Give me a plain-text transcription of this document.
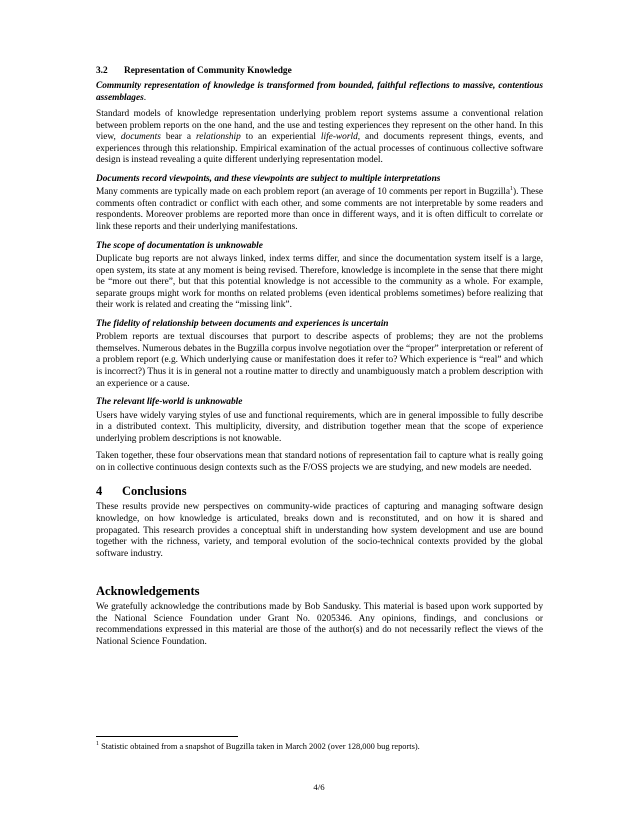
3.2	Representation of Community Knowledge

Community representation of knowledge is transformed from bounded, faithful reflections to massive, contentious assemblages.

Standard models of knowledge representation underlying problem report systems assume a conventional relation between problem reports on the one hand, and the use and testing experiences they represent on the other hand. In this view, documents bear a relationship to an experiential life-world, and documents represent things, events, and experiences through this relationship. Empirical examination of the actual processes of continuous collective software design is instead revealing a quite different underlying representation model.

Documents record viewpoints, and these viewpoints are subject to multiple interpretations

Many comments are typically made on each problem report (an average of 10 comments per report in Bugzilla$^1$). These comments often contradict or conflict with each other, and some comments are not interpretable by some readers and respondents. Moreover problems are reported more than once in different ways, and it is often difficult to correlate or link these reports and their underlying manifestations.

The scope of documentation is unknowable

Duplicate bug reports are not always linked, index terms differ, and since the documentation system itself is a large, open system, its state at any moment is being revised. Therefore, knowledge is incomplete in the sense that there might be “more out there”, but that this potential knowledge is not accessible to the community as a whole. For example, separate groups might work for months on related problems (even identical problems sometimes) before realizing that their work is related and creating the “missing link”.

The fidelity of relationship between documents and experiences is uncertain

Problem reports are textual discourses that purport to describe aspects of problems; they are not the problems themselves. Numerous debates in the Bugzilla corpus involve negotiation over the “proper” interpretation or referent of a problem report (e.g. Which underlying cause or manifestation does it refer to? Which experience is “real” and which is incorrect?) Thus it is in general not a routine matter to directly and unambiguously match a problem description with an experience or a cause.

The relevant life-world is unknowable

Users have widely varying styles of use and functional requirements, which are in general impossible to fully describe in a distributed context. This multiplicity, diversity, and distribution together mean that the scope of experience underlying problem descriptions is not knowable.

Taken together, these four observations mean that standard notions of representation fail to capture what is really going on in collective continuous design contexts such as the F/OSS projects we are studying, and new models are needed.

4	Conclusions

These results provide new perspectives on community-wide practices of capturing and managing software design knowledge, on how knowledge is articulated, breaks down and is reconstituted, and on how it is shared and propagated. This research provides a conceptual shift in understanding how system development and use are bound together with the richness, variety, and temporal evolution of the socio-technical contexts provided by the global software industry.

Acknowledgements

We gratefully acknowledge the contributions made by Bob Sandusky. This material is based upon work supported by the National Science Foundation under Grant No. 0205346. Any opinions, findings, and conclusions or recommendations expressed in this material are those of the author(s) and do not necessarily reflect the views of the National Science Foundation.

$^1$ Statistic obtained from a snapshot of Bugzilla taken in March 2002 (over 128,000 bug reports).
4/6
